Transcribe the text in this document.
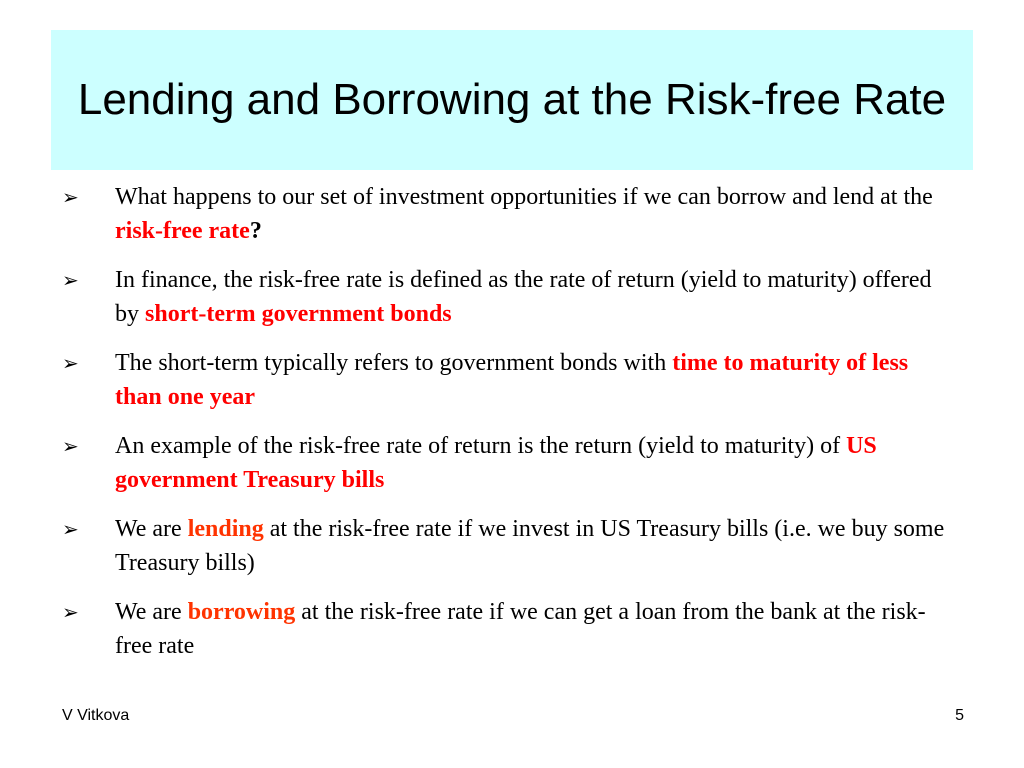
Lending and Borrowing at the Risk-free Rate
➢	What happens to our set of investment opportunities if we can borrow and lend at the risk-free rate?
➢	In finance, the risk-free rate is defined as the rate of return (yield to maturity) offered by short-term government bonds
➢	The short-term typically refers to government bonds with time to maturity of less than one year
➢	An example of the risk-free rate of return is the return (yield to maturity) of US government Treasury bills
➢	We are lending at the risk-free rate if we invest in US Treasury bills (i.e. we buy some Treasury bills)
➢	We are borrowing at the risk-free rate if we can get a loan from the bank at the risk-free rate
V Vitkova	5
